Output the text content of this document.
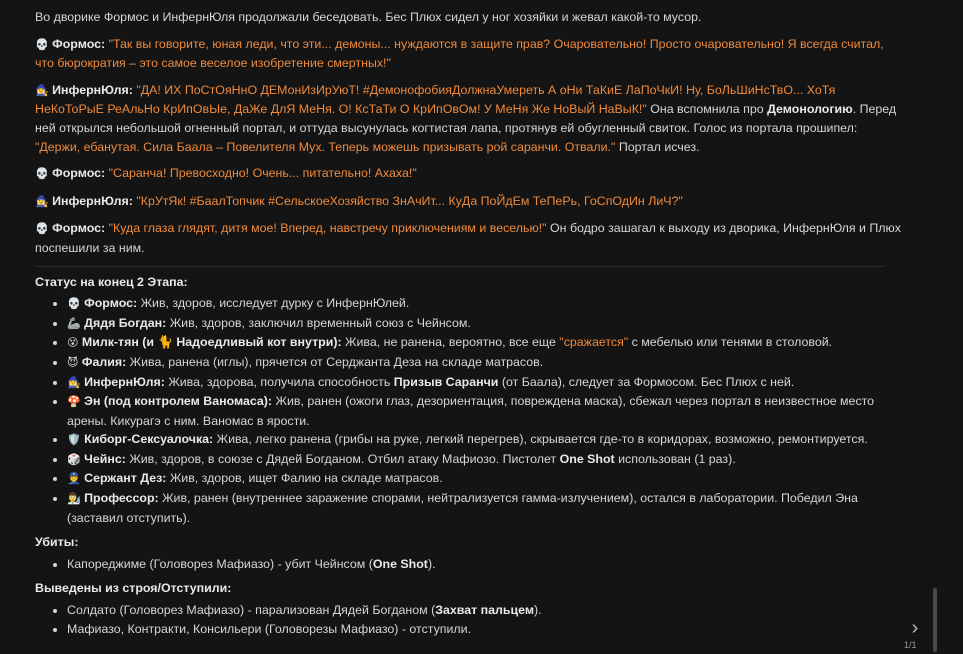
Во дворике Формос и ИнфернЮля продолжали беседовать. Бес Плюх сидел у ног хозяйки и жевал какой-то мусор.

💀 Формос: "Так вы говорите, юная леди, что эти... демоны... нуждаются в защите прав? Очаровательно! Просто очаровательно! Я всегда считал, что бюрократия – это самое веселое изобретение смертных!"

🧙‍♀️ ИнфернЮля: "ДА! ИХ ПоСтОяНнО ДЕМонИзИрУюТ! #ДемонофобияДолжнаУмереть А оНи ТаКиЕ ЛаПоЧкИ! Ну, БоЛьШиНсТвО... ХоТя НеКоТоРыЕ РеАльНо КрИпОвЫе, ДаЖе ДлЯ МеНя. О! КсТаТи О КрИпОвОм! У МеНя Же НоВыЙ НаВыК!" Она вспомнила про Демонологию. Перед ней открылся небольшой огненный портал, и оттуда высунулась когтистая лапа, протянув ей обугленный свиток. Голос из портала прошипел: "Держи, ебанутая. Сила Баала – Повелителя Мух. Теперь можешь призывать рой саранчи. Отвали." Портал исчез.

💀 Формос: "Саранча! Превосходно! Очень... питательно! Ахаха!"

🧙‍♀️ ИнфернЮля: "КрУтЯк! #БаалТопчик #СельскоеХозяйство ЗнАчИт... КуДа ПоЙдЕм ТеПеРь, ГоСпОдИн ЛиЧ?"

💀 Формос: "Куда глаза глядят, дитя мое! Вперед, навстречу приключениям и веселью!" Он бодро зашагал к выходу из дворика, ИнфернЮля и Плюх поспешили за ним.

Статус на конец 2 Этапа:
• 💀 Формос: Жив, здоров, исследует дурку с ИнфернЮлей.
• 🦾 Дядя Богдан: Жив, здоров, заключил временный союз с Чейнсом.
• 😵 Милк-тян (и 🐈 Надоедливый кот внутри): Жива, не ранена, вероятно, все еще "сражается" с мебелью или тенями в столовой.
• 😈 Фалия: Жива, ранена (иглы), прячется от Серджанта Деза на складе матрасов.
• 🧙‍♀️ ИнфернЮля: Жива, здорова, получила способность Призыв Саранчи (от Баала), следует за Формосом. Бес Плюх с ней.
• 🍄 Эн (под контролем Ваномаса): Жив, ранен (ожоги глаз, дезориентация, повреждена маска), сбежал через портал в неизвестное место арены. Кикурагэ с ним. Ваномас в ярости.
• 🛡️ Киборг-Сексуалочка: Жива, легко ранена (грибы на руке, легкий перегрев), скрывается где-то в коридорах, возможно, ремонтируется.
• 🎲 Чейнс: Жив, здоров, в союзе с Дядей Богданом. Отбил атаку Мафиозо. Пистолет One Shot использован (1 раз).
• 👮 Сержант Дез: Жив, здоров, ищет Фалию на складе матрасов.
• 👨‍🔬 Профессор: Жив, ранен (внутреннее заражение спорами, нейтрализуется гамма-излучением), остался в лаборатории. Победил Эна (заставил отступить).
Убиты:
• Капореджиме (Головорез Мафиазо) - убит Чейнсом (One Shot).
Выведены из строя/Отступили:
• Солдато (Головорез Мафиазо) - парализован Дядей Богданом (Захват пальцем).
• Мафиазо, Контракти, Консильери (Головорезы Мафиазо) - отступили.	›
1/1
